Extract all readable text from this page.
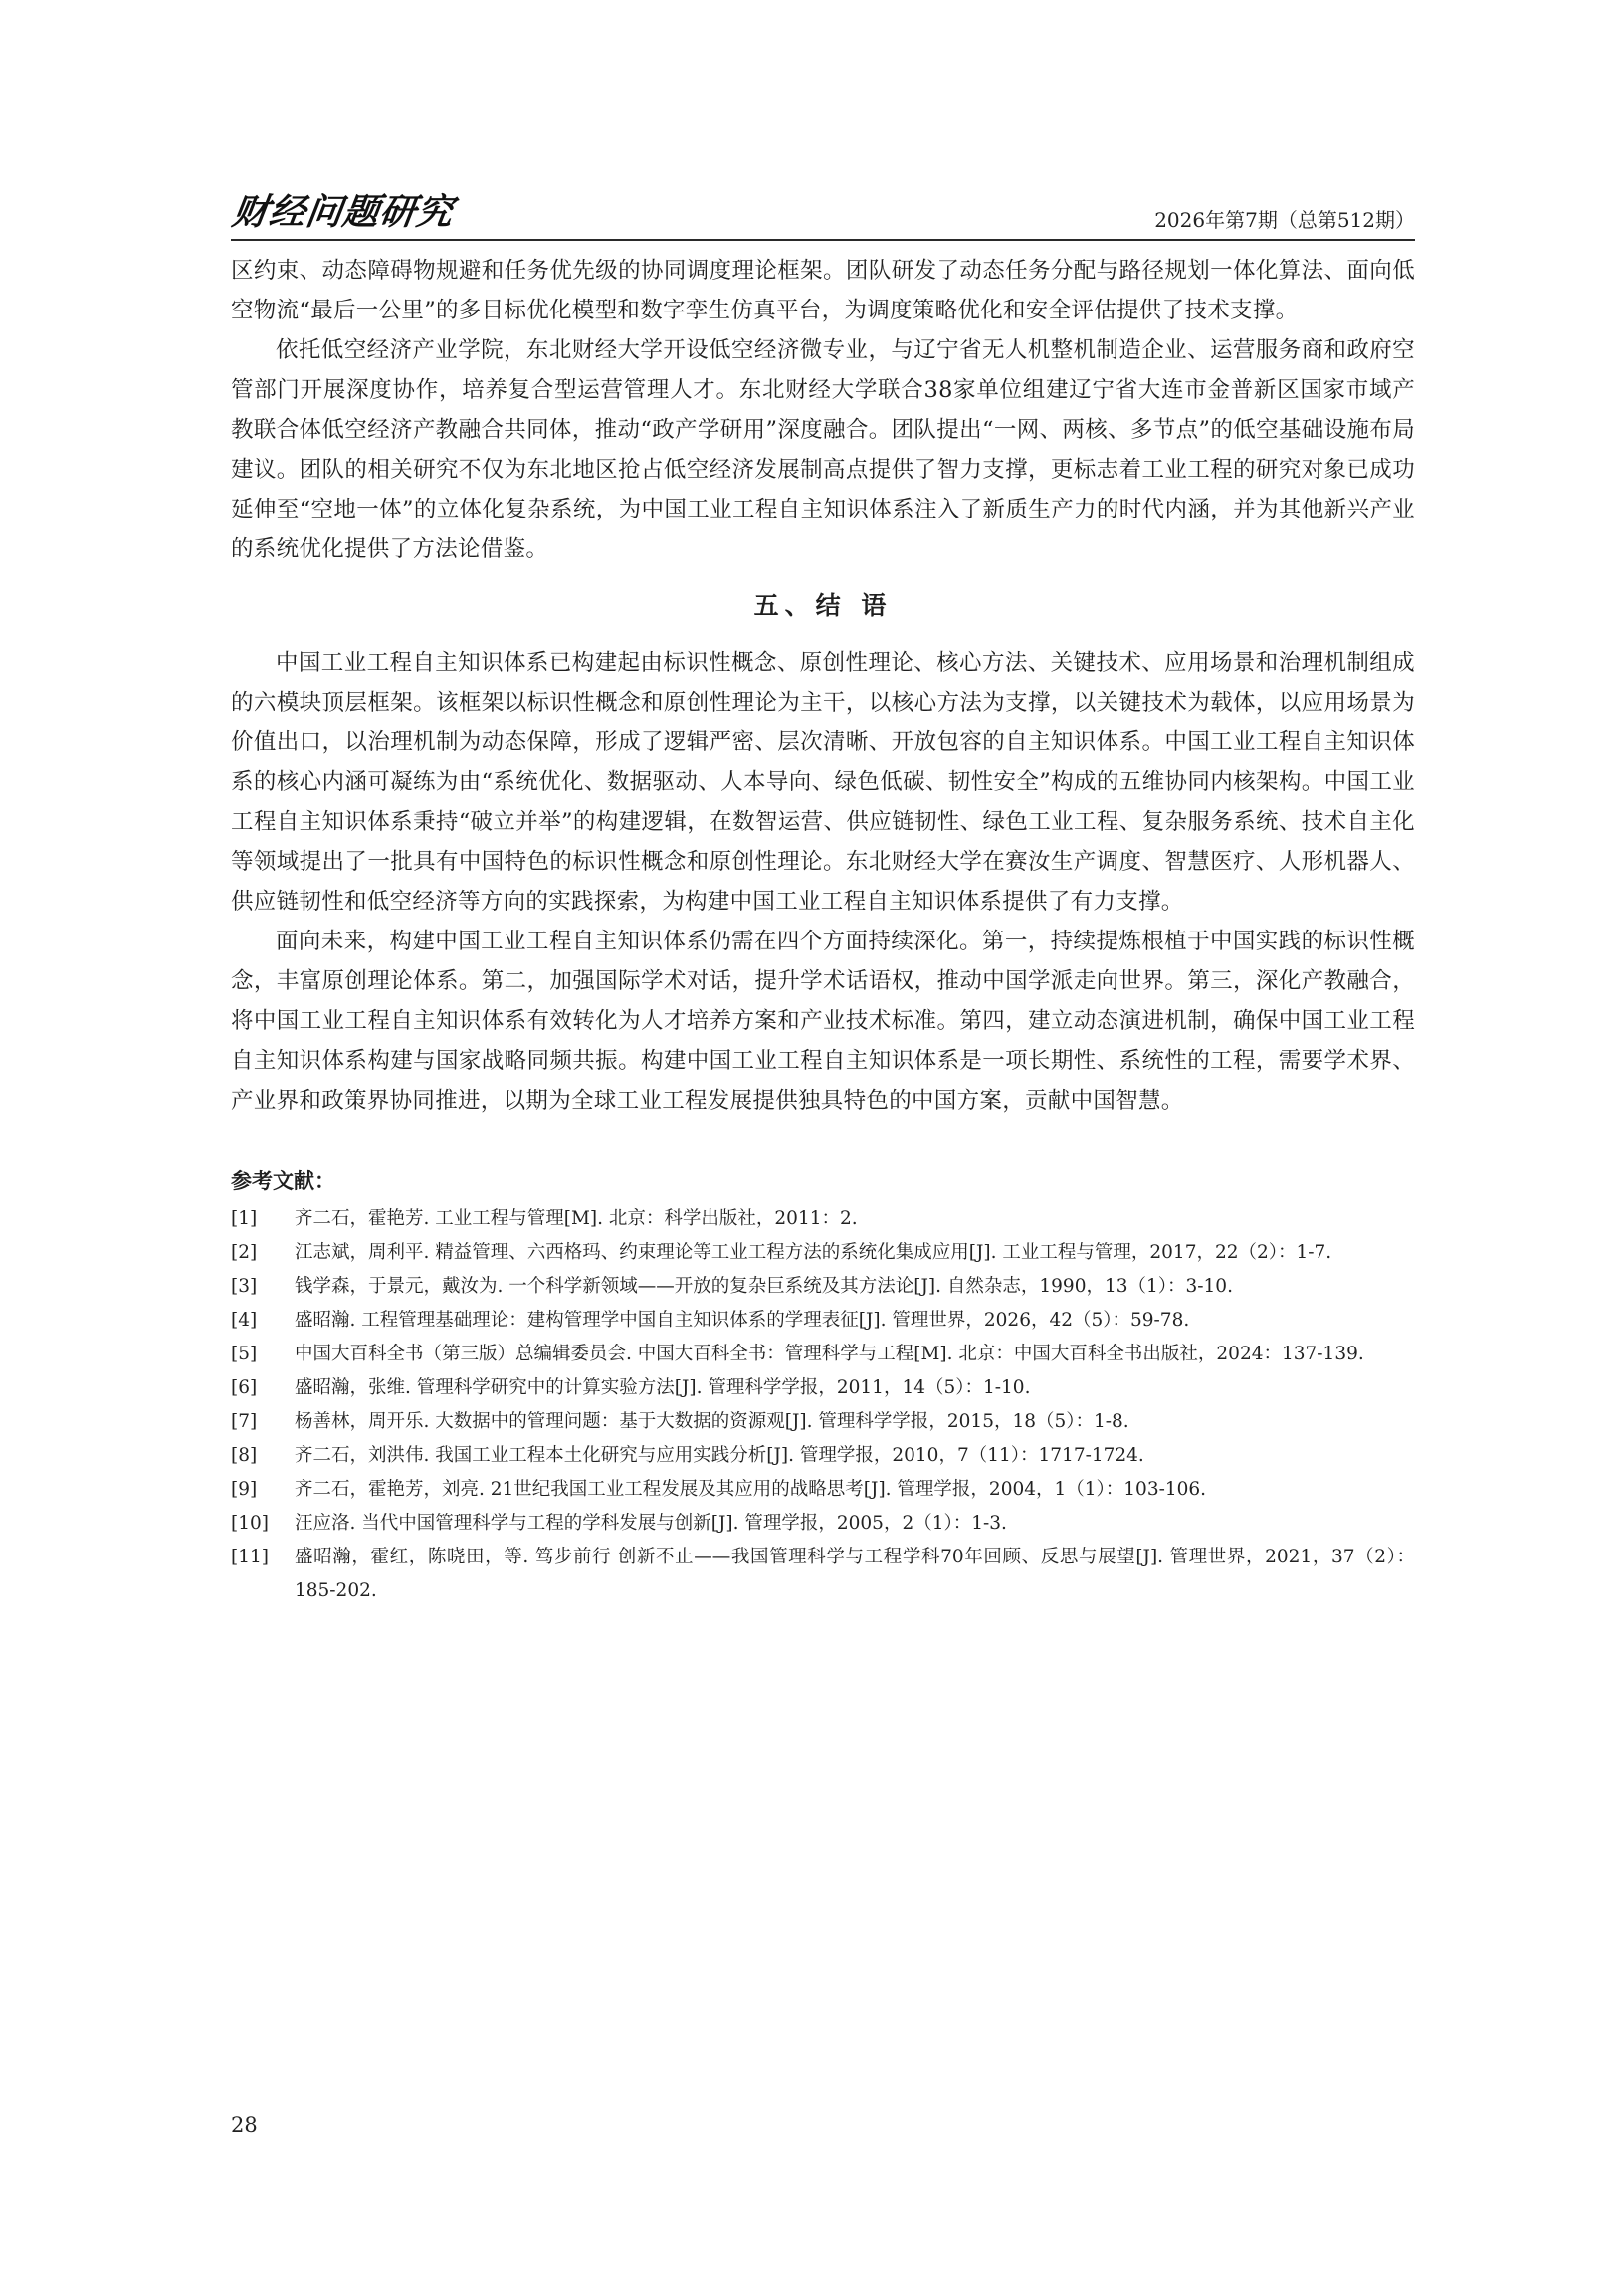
财经问题研究	2026年第7期（总第512期）

区约束、动态障碍物规避和任务优先级的协同调度理论框架。团队研发了动态任务分配与路径规划一体化算法、面向低空物流“最后一公里”的多目标优化模型和数字孪生仿真平台，为调度策略优化和安全评估提供了技术支撑。

依托低空经济产业学院，东北财经大学开设低空经济微专业，与辽宁省无人机整机制造企业、运营服务商和政府空管部门开展深度协作，培养复合型运营管理人才。东北财经大学联合38家单位组建辽宁省大连市金普新区国家市域产教联合体低空经济产教融合共同体，推动“政产学研用”深度融合。团队提出“一网、两核、多节点”的低空基础设施布局建议。团队的相关研究不仅为东北地区抢占低空经济发展制高点提供了智力支撑，更标志着工业工程的研究对象已成功延伸至“空地一体”的立体化复杂系统，为中国工业工程自主知识体系注入了新质生产力的时代内涵，并为其他新兴产业的系统优化提供了方法论借鉴。

五、结 语

中国工业工程自主知识体系已构建起由标识性概念、原创性理论、核心方法、关键技术、应用场景和治理机制组成的六模块顶层框架。该框架以标识性概念和原创性理论为主干，以核心方法为支撑，以关键技术为载体，以应用场景为价值出口，以治理机制为动态保障，形成了逻辑严密、层次清晰、开放包容的自主知识体系。中国工业工程自主知识体系的核心内涵可凝练为由“系统优化、数据驱动、人本导向、绿色低碳、韧性安全”构成的五维协同内核架构。中国工业工程自主知识体系秉持“破立并举”的构建逻辑，在数智运营、供应链韧性、绿色工业工程、复杂服务系统、技术自主化等领域提出了一批具有中国特色的标识性概念和原创性理论。东北财经大学在赛汝生产调度、智慧医疗、人形机器人、供应链韧性和低空经济等方向的实践探索，为构建中国工业工程自主知识体系提供了有力支撑。

面向未来，构建中国工业工程自主知识体系仍需在四个方面持续深化。第一，持续提炼根植于中国实践的标识性概念，丰富原创理论体系。第二，加强国际学术对话，提升学术话语权，推动中国学派走向世界。第三，深化产教融合，将中国工业工程自主知识体系有效转化为人才培养方案和产业技术标准。第四，建立动态演进机制，确保中国工业工程自主知识体系构建与国家战略同频共振。构建中国工业工程自主知识体系是一项长期性、系统性的工程，需要学术界、产业界和政策界协同推进，以期为全球工业工程发展提供独具特色的中国方案，贡献中国智慧。

参考文献：
[1]	齐二石，霍艳芳. 工业工程与管理[M]. 北京：科学出版社，2011：2.
[2]	江志斌，周利平. 精益管理、六西格玛、约束理论等工业工程方法的系统化集成应用[J]. 工业工程与管理，2017，22（2）：1-7.
[3]	钱学森，于景元，戴汝为. 一个科学新领域——开放的复杂巨系统及其方法论[J]. 自然杂志，1990，13（1）：3-10.
[4]	盛昭瀚. 工程管理基础理论：建构管理学中国自主知识体系的学理表征[J]. 管理世界，2026，42（5）：59-78.
[5]	中国大百科全书（第三版）总编辑委员会. 中国大百科全书：管理科学与工程[M]. 北京：中国大百科全书出版社，2024：137-139.
[6]	盛昭瀚，张维. 管理科学研究中的计算实验方法[J]. 管理科学学报，2011，14（5）：1-10.
[7]	杨善林，周开乐. 大数据中的管理问题：基于大数据的资源观[J]. 管理科学学报，2015，18（5）：1-8.
[8]	齐二石，刘洪伟. 我国工业工程本土化研究与应用实践分析[J]. 管理学报，2010，7（11）：1717-1724.
[9]	齐二石，霍艳芳，刘亮. 21世纪我国工业工程发展及其应用的战略思考[J]. 管理学报，2004，1（1）：103-106.
[10]	汪应洛. 当代中国管理科学与工程的学科发展与创新[J]. 管理学报，2005，2（1）：1-3.
[11]	盛昭瀚，霍红，陈晓田，等. 笃步前行 创新不止——我国管理科学与工程学科70年回顾、反思与展望[J]. 管理世界，2021，37（2）：185-202.
28
